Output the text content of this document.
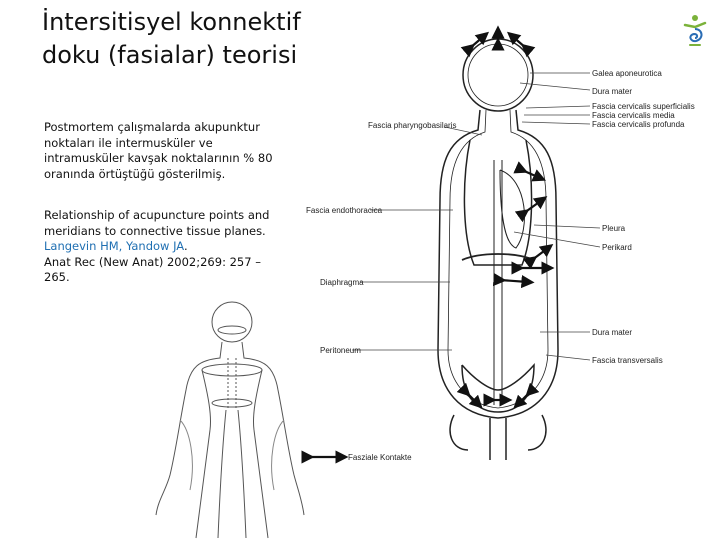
İntersitisyel konnektif doku (fasialar) teorisi
Postmortem çalışmalarda akupunktur noktaları ile intermusküler ve intramusküler kavşak noktalarının % 80 oranında örtüştüğü gösterilmiş.
Relationship of acupuncture points and meridians to connective tissue planes.
Langevin HM, Yandow JA.
Anat Rec (New Anat) 2002;269: 257 – 265.
Galea aponeurotica
Dura mater
Fascia pharyngobasilaris
Fascia cervicalis superficialis
Fascia cervicalis media
Fascia cervicalis profunda
Fascia endothoracica
Pleura
Perikard
Diaphragma
Dura mater
Peritoneum
Fascia transversalis
Fasziale Kontakte
